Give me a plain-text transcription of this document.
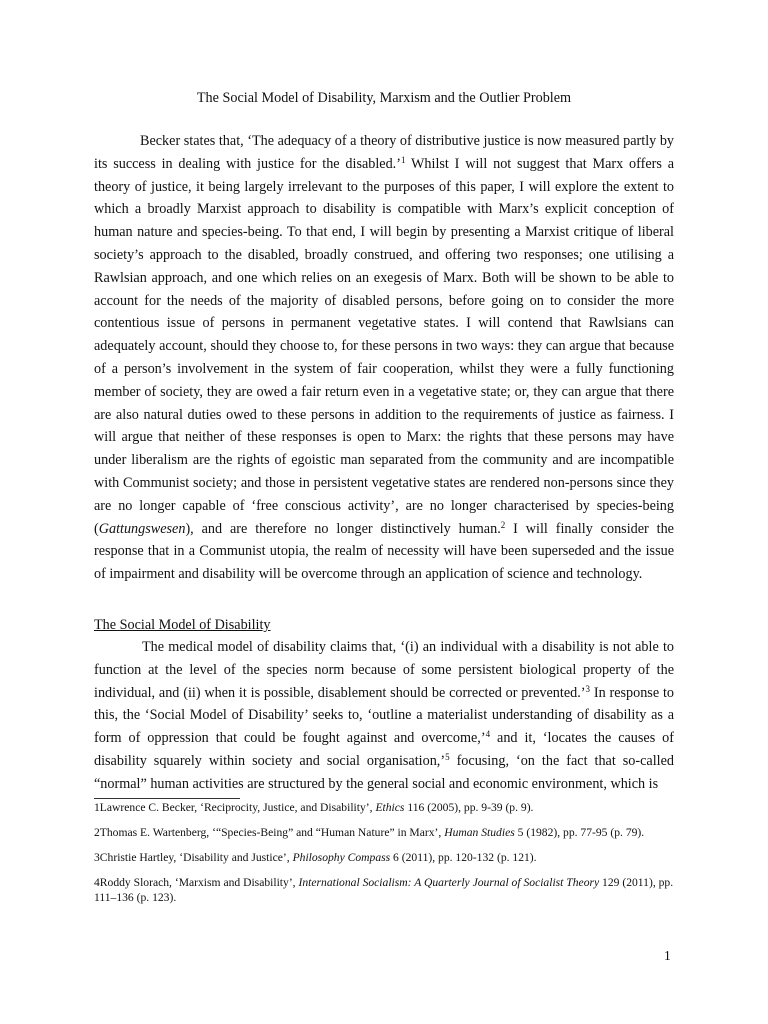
The Social Model of Disability, Marxism and the Outlier Problem
Becker states that, ‘The adequacy of a theory of distributive justice is now measured partly by its success in dealing with justice for the disabled.’$^1$ Whilst I will not suggest that Marx offers a theory of justice, it being largely irrelevant to the purposes of this paper, I will explore the extent to which a broadly Marxist approach to disability is compatible with Marx’s explicit conception of human nature and species-being. To that end, I will begin by presenting a Marxist critique of liberal society’s approach to the disabled, broadly construed, and offering two responses; one utilising a Rawlsian approach, and one which relies on an exegesis of Marx. Both will be shown to be able to account for the needs of the majority of disabled persons, before going on to consider the more contentious issue of persons in permanent vegetative states. I will contend that Rawlsians can adequately account, should they choose to, for these persons in two ways: they can argue that because of a person’s involvement in the system of fair cooperation, whilst they were a fully functioning member of society, they are owed a fair return even in a vegetative state; or, they can argue that there are also natural duties owed to these persons in addition to the requirements of justice as fairness. I will argue that neither of these responses is open to Marx: the rights that these persons may have under liberalism are the rights of egoistic man separated from the community and are incompatible with Communist society; and those in persistent vegetative states are rendered non-persons since they are no longer capable of ‘free conscious activity’, are no longer characterised by species-being (Gattungswesen), and are therefore no longer distinctively human.$^2$ I will finally consider the response that in a Communist utopia, the realm of necessity will have been superseded and the issue of impairment and disability will be overcome through an application of science and technology.
The Social Model of Disability
The medical model of disability claims that, ‘(i) an individual with a disability is not able to function at the level of the species norm because of some persistent biological property of the individual, and (ii) when it is possible, disablement should be corrected or prevented.’$^3$ In response to this, the ‘Social Model of Disability’ seeks to, ‘outline a materialist understanding of disability as a form of oppression that could be fought against and overcome,’$^4$ and it, ‘locates the causes of disability squarely within society and social organisation,’$^5$ focusing, ‘on the fact that so-called “normal” human activities are structured by the general social and economic environment, which is
1Lawrence C. Becker, ‘Reciprocity, Justice, and Disability’, Ethics 116 (2005), pp. 9-39 (p. 9).
2Thomas E. Wartenberg, ‘“Species-Being” and “Human Nature” in Marx’, Human Studies 5 (1982), pp. 77-95 (p. 79).
3Christie Hartley, ‘Disability and Justice’, Philosophy Compass 6 (2011), pp. 120-132 (p. 121).
4Roddy Slorach, ‘Marxism and Disability’, International Socialism: A Quarterly Journal of Socialist Theory 129 (2011), pp. 111–136 (p. 123).
1
